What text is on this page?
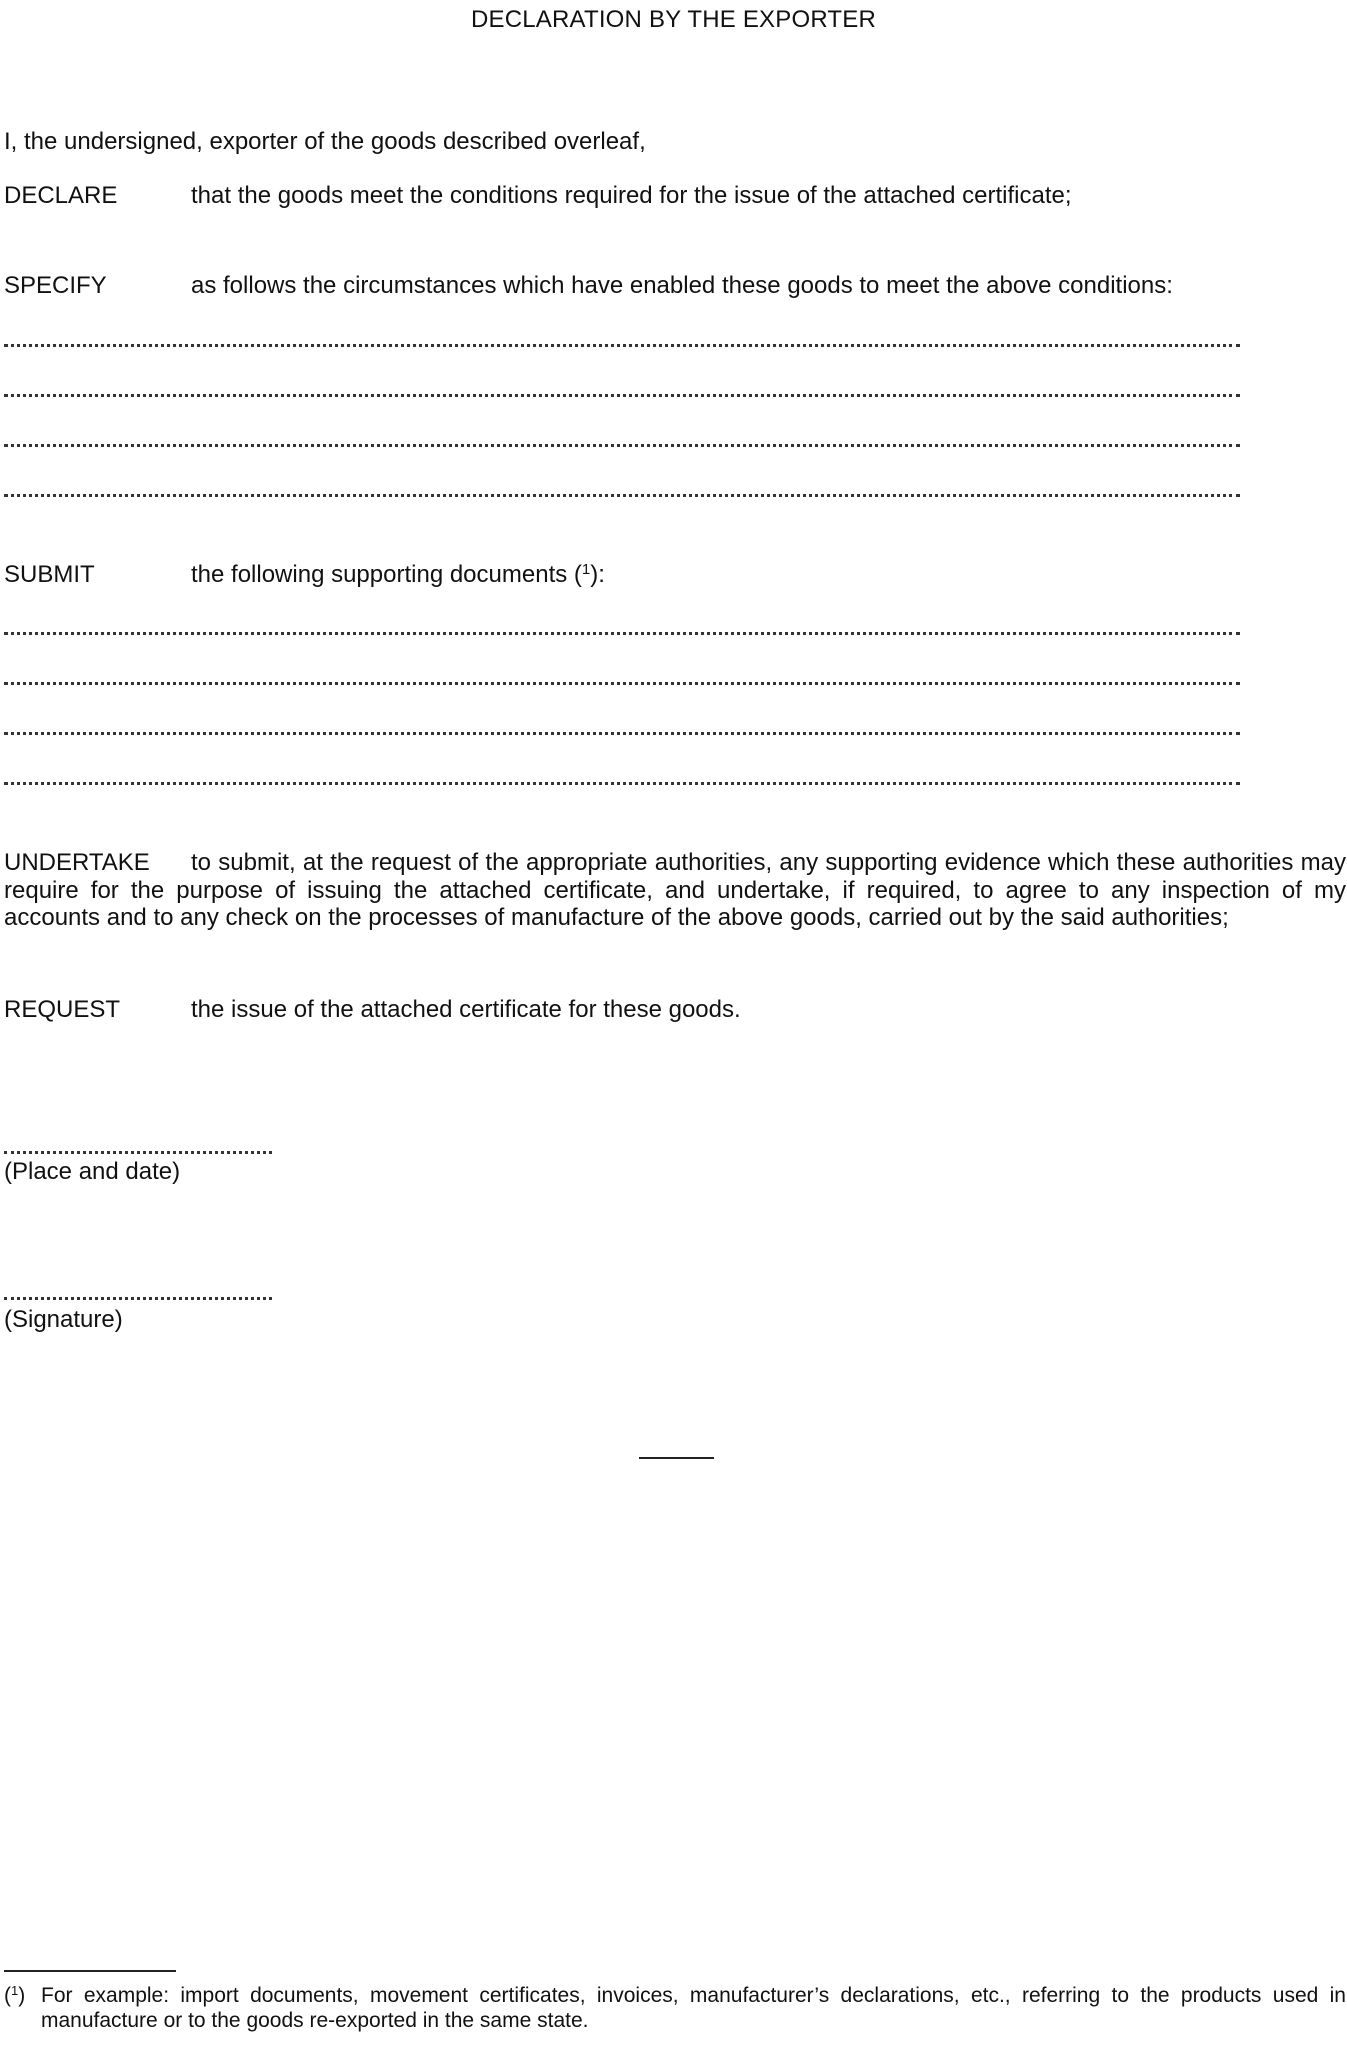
DECLARATION BY THE EXPORTER
I, the undersigned, exporter of the goods described overleaf,
DECLARE	that the goods meet the conditions required for the issue of the attached certificate;
SPECIFY	as follows the circumstances which have enabled these goods to meet the above conditions:
SUBMIT	the following supporting documents ($^1$):
UNDERTAKE to submit, at the request of the appropriate authorities, any supporting evidence which these authorities may require for the purpose of issuing the attached certificate, and undertake, if required, to agree to any inspection of my accounts and to any check on the processes of manufacture of the above goods, carried out by the said authorities;
REQUEST	the issue of the attached certificate for these goods.
(Place and date)
(Signature)
($^1$) For example: import documents, movement certificates, invoices, manufacturer’s declarations, etc., referring to the products used in manufacture or to the goods re-exported in the same state.
